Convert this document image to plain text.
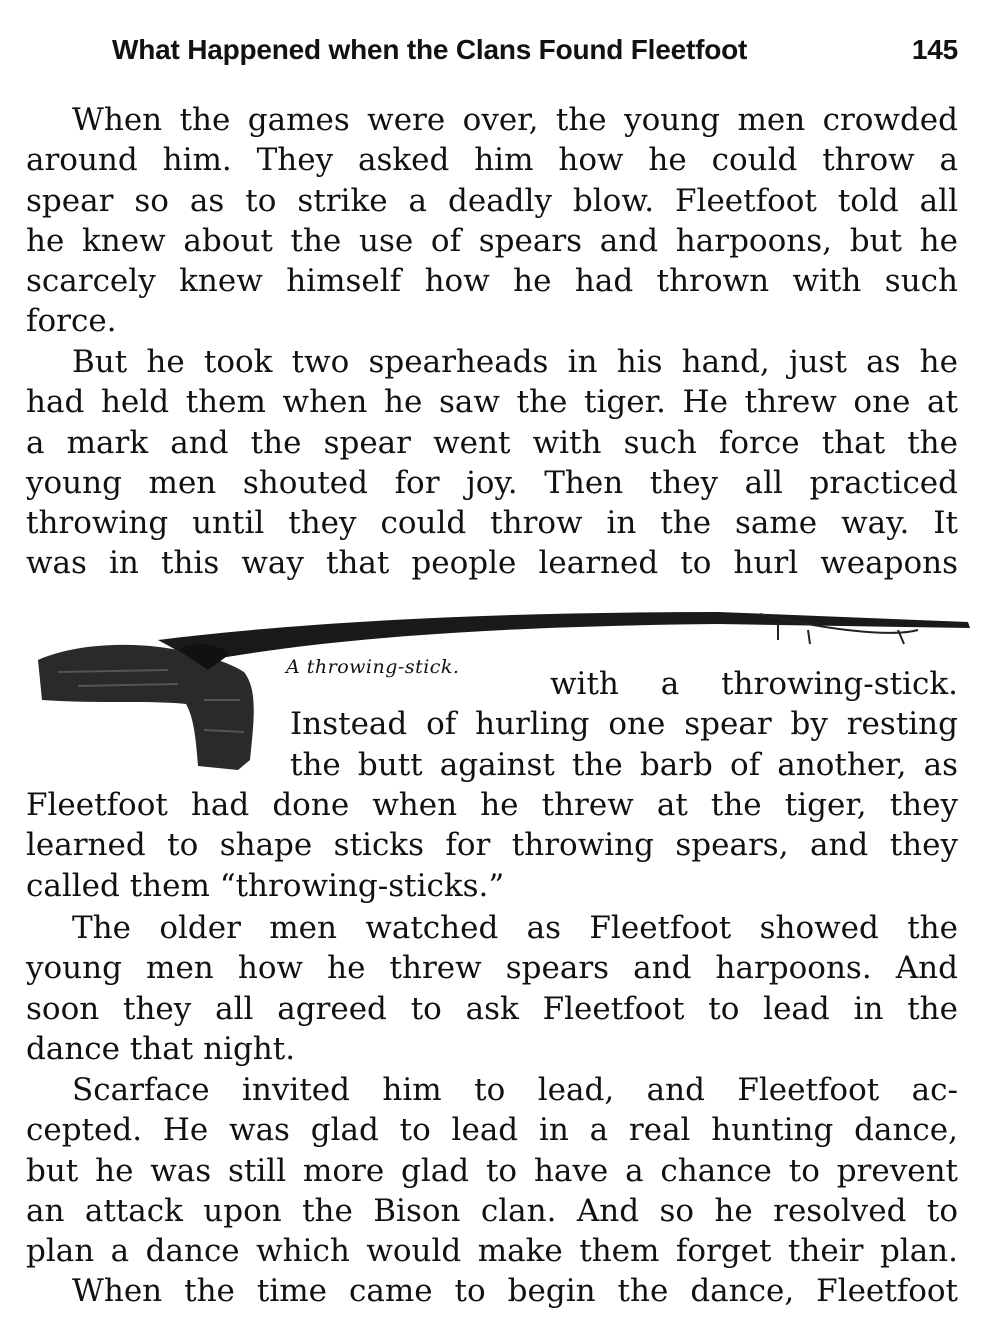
What Happened when the Clans Found Fleetfoot	145
When the games were over, the young men crowded
around him. They asked him how he could throw a
spear so as to strike a deadly blow. Fleetfoot told all
he knew about the use of spears and harpoons, but he
scarcely knew himself how he had thrown with such
force.
But he took two spearheads in his hand, just as he
had held them when he saw the tiger. He threw one at
a mark and the spear went with such force that the
young men shouted for joy. Then they all practiced
throwing until they could throw in the same way. It
was in this way that people learned to hurl weapons
A throwing-stick.	with a throwing-stick.
Instead of hurling one spear by resting
the butt against the barb of another, as
Fleetfoot had done when he threw at the tiger, they
learned to shape sticks for throwing spears, and they
called them “throwing-sticks.”
The older men watched as Fleetfoot showed the
young men how he threw spears and harpoons. And
soon they all agreed to ask Fleetfoot to lead in the
dance that night.
Scarface invited him to lead, and Fleetfoot ac-
cepted. He was glad to lead in a real hunting dance,
but he was still more glad to have a chance to prevent
an attack upon the Bison clan. And so he resolved to
plan a dance which would make them forget their plan.
When the time came to begin the dance, Fleetfoot
